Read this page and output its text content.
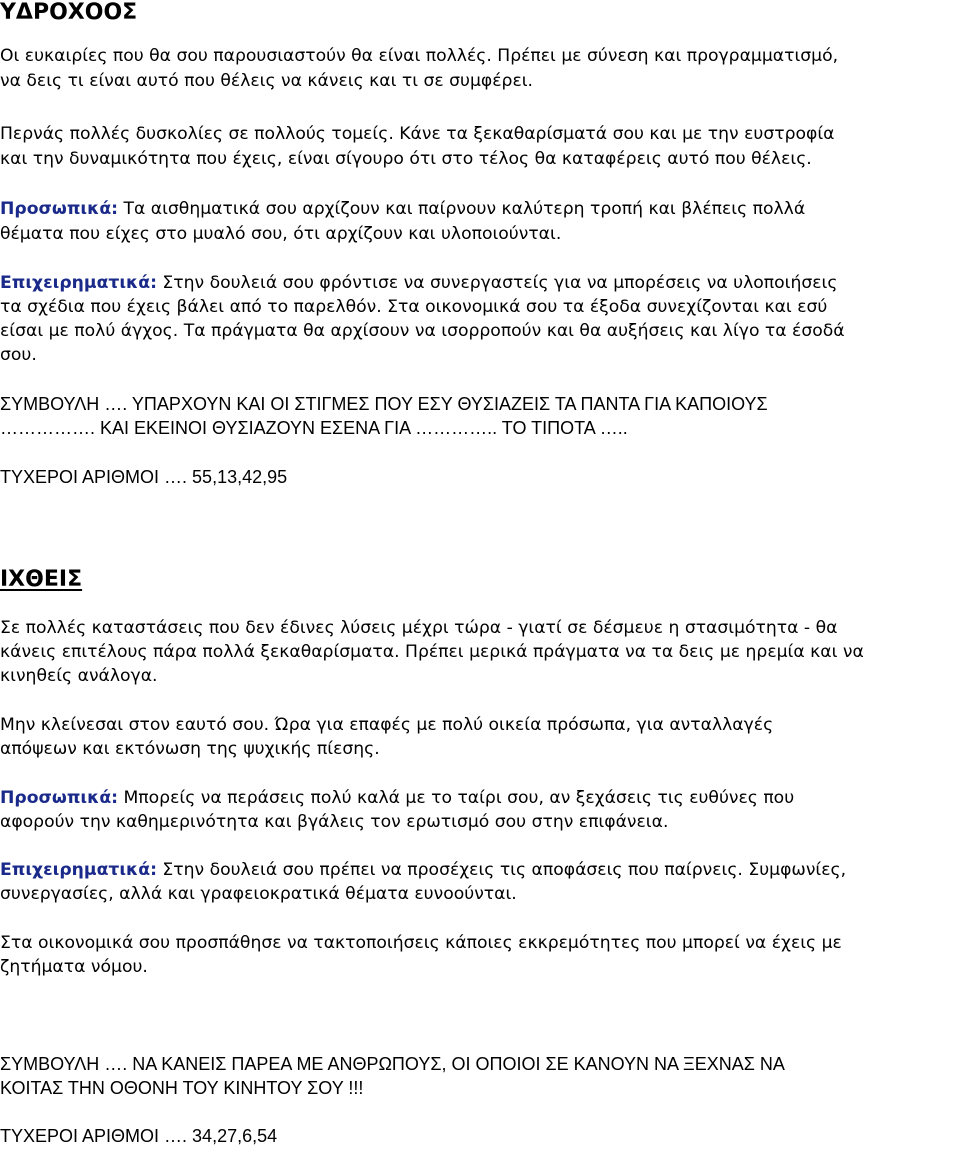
ΥΔΡΟΧΟΟΣ
Οι ευκαιρίες που θα σου παρουσιαστούν θα είναι πολλές. Πρέπει με σύνεση και προγραμματισμό,
να δεις τι είναι αυτό που θέλεις να κάνεις και τι σε συμφέρει.
Περνάς πολλές δυσκολίες σε πολλούς τομείς. Κάνε τα ξεκαθαρίσματά σου και με την ευστροφία
και την δυναμικότητα που έχεις, είναι σίγουρο ότι στο τέλος θα καταφέρεις αυτό που θέλεις.
Προσωπικά: Τα αισθηματικά σου αρχίζουν και παίρνουν καλύτερη τροπή και βλέπεις πολλά
θέματα που είχες στο μυαλό σου, ότι αρχίζουν και υλοποιούνται.
Επιχειρηματικά: Στην δουλειά σου φρόντισε να συνεργαστείς για να μπορέσεις να υλοποιήσεις
τα σχέδια που έχεις βάλει από το παρελθόν. Στα οικονομικά σου τα έξοδα συνεχίζονται και εσύ
είσαι με πολύ άγχος. Τα πράγματα θα αρχίσουν να ισορροπούν και θα αυξήσεις και λίγο τα έσοδά
σου.
ΣΥΜΒΟΥΛΗ …. ΥΠΑΡΧΟΥΝ ΚΑΙ ΟΙ ΣΤΙΓΜΕΣ ΠΟΥ ΕΣΥ ΘΥΣΙΑΖΕΙΣ ΤΑ ΠΑΝΤΑ ΓΙΑ ΚΑΠΟΙΟΥΣ
……………. ΚΑΙ ΕΚΕΙΝΟΙ ΘΥΣΙΑΖΟΥΝ ΕΣΕΝΑ ΓΙΑ ………….. ΤΟ ΤΙΠΟΤΑ …..
ΤΥΧΕΡΟΙ ΑΡΙΘΜΟΙ …. 55,13,42,95
ΙΧΘΕΙΣ
Σε πολλές καταστάσεις που δεν έδινες λύσεις μέχρι τώρα - γιατί σε δέσμευε η στασιμότητα - θα
κάνεις επιτέλους πάρα πολλά ξεκαθαρίσματα. Πρέπει μερικά πράγματα να τα δεις με ηρεμία και να
κινηθείς ανάλογα.
Μην κλείνεσαι στον εαυτό σου. Ώρα για επαφές με πολύ οικεία πρόσωπα, για ανταλλαγές
απόψεων και εκτόνωση της ψυχικής πίεσης.
Προσωπικά: Μπορείς να περάσεις πολύ καλά με το ταίρι σου, αν ξεχάσεις τις ευθύνες που
αφορούν την καθημερινότητα και βγάλεις τον ερωτισμό σου στην επιφάνεια.
Επιχειρηματικά: Στην δουλειά σου πρέπει να προσέχεις τις αποφάσεις που παίρνεις. Συμφωνίες,
συνεργασίες, αλλά και γραφειοκρατικά θέματα ευνοούνται.
Στα οικονομικά σου προσπάθησε να τακτοποιήσεις κάποιες εκκρεμότητες που μπορεί να έχεις με
ζητήματα νόμου.
ΣΥΜΒΟΥΛΗ …. ΝΑ ΚΑΝΕΙΣ ΠΑΡΕΑ ΜΕ ΑΝΘΡΩΠΟΥΣ, ΟΙ ΟΠΟΙΟΙ ΣΕ ΚΑΝΟΥΝ ΝΑ ΞΕΧΝΑΣ ΝΑ
ΚΟΙΤΑΣ ΤΗΝ ΟΘΟΝΗ ΤΟΥ ΚΙΝΗΤΟΥ ΣΟΥ !!!
ΤΥΧΕΡΟΙ ΑΡΙΘΜΟΙ …. 34,27,6,54
